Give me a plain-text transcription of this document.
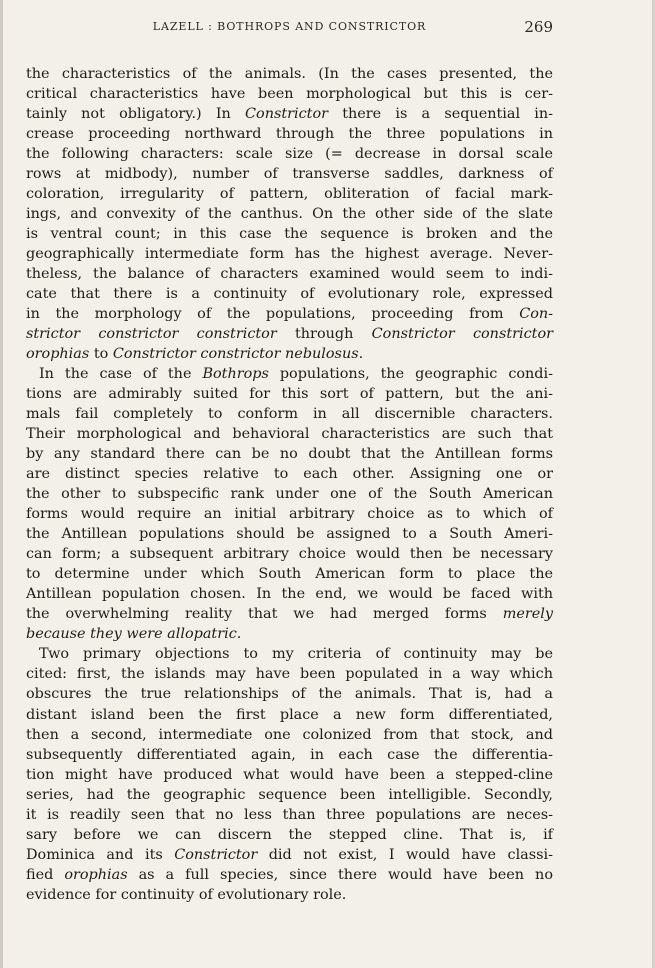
LAZELL : BOTHROPS AND CONSTRICTOR	269
the characteristics of the animals. (In the cases presented, the
critical characteristics have been morphological but this is cer-
tainly not obligatory.) In Constrictor there is a sequential in-
crease proceeding northward through the three populations in
the following characters: scale size (= decrease in dorsal scale
rows at midbody), number of transverse saddles, darkness of
coloration, irregularity of pattern, obliteration of facial mark-
ings, and convexity of the canthus. On the other side of the slate
is ventral count; in this case the sequence is broken and the
geographically intermediate form has the highest average. Never-
theless, the balance of characters examined would seem to indi-
cate that there is a continuity of evolutionary role, expressed
in the morphology of the populations, proceeding from Con-
strictor constrictor constrictor through Constrictor constrictor
orophias to Constrictor constrictor nebulosus.
In the case of the Bothrops populations, the geographic condi-
tions are admirably suited for this sort of pattern, but the ani-
mals fail completely to conform in all discernible characters.
Their morphological and behavioral characteristics are such that
by any standard there can be no doubt that the Antillean forms
are distinct species relative to each other. Assigning one or
the other to subspecific rank under one of the South American
forms would require an initial arbitrary choice as to which of
the Antillean populations should be assigned to a South Ameri-
can form; a subsequent arbitrary choice would then be necessary
to determine under which South American form to place the
Antillean population chosen. In the end, we would be faced with
the overwhelming reality that we had merged forms merely
because they were allopatric.
Two primary objections to my criteria of continuity may be
cited: first, the islands may have been populated in a way which
obscures the true relationships of the animals. That is, had a
distant island been the first place a new form differentiated,
then a second, intermediate one colonized from that stock, and
subsequently differentiated again, in each case the differentia-
tion might have produced what would have been a stepped-cline
series, had the geographic sequence been intelligible. Secondly,
it is readily seen that no less than three populations are neces-
sary before we can discern the stepped cline. That is, if
Dominica and its Constrictor did not exist, I would have classi-
fied orophias as a full species, since there would have been no
evidence for continuity of evolutionary role.
